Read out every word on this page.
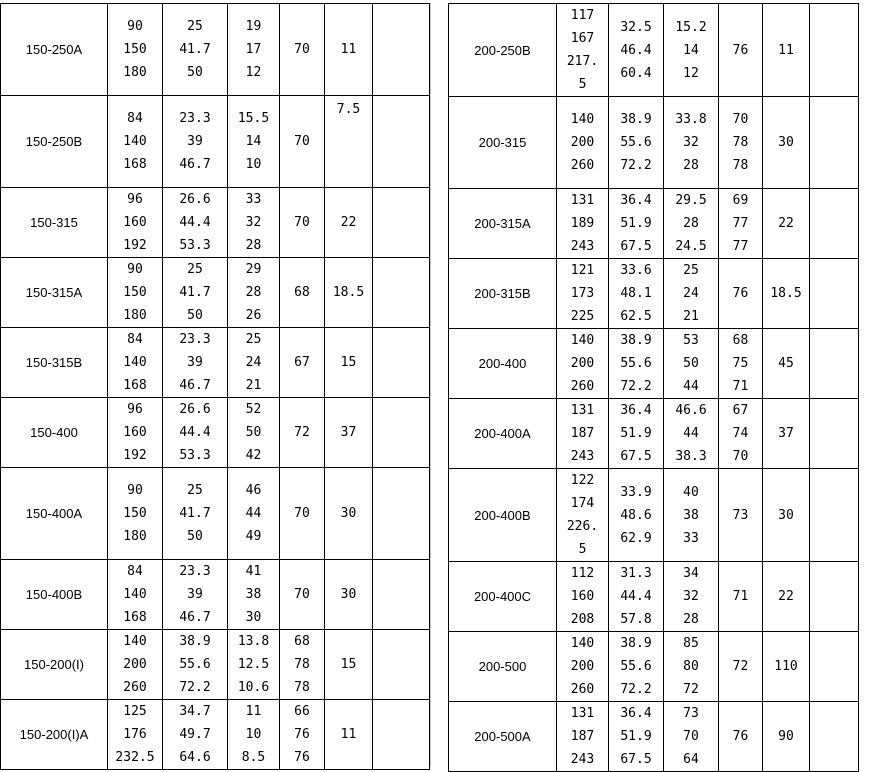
150-250A	90
150
180	25
41.7
50	19
17
12	70	11	

150-250B	84
140
168	23.3
39
46.7	15.5
14
10	70	7.5	

150-315	96
160
192	26.6
44.4
53.3	33
32
28	70	22	

150-315A	90
150
180	25
41.7
50	29
28
26	68	18.5	

150-315B	84
140
168	23.3
39
46.7	25
24
21	67	15	

150-400	96
160
192	26.6
44.4
53.3	52
50
42	72	37	

150-400A	90
150
180	25
41.7
50	46
44
49	70	30	

150-400B	84
140
168	23.3
39
46.7	41
38
30	70	30	

150-200(I)	140
200
260	38.9
55.6
72.2	13.8
12.5
10.6	68
78
78	15	

150-200(I)A	125
176
232.5	34.7
49.7
64.6	11
10
8.5	66
76
76	11	

200-250B	117
167
217.
5	32.5
46.4
60.4	15.2
14
12	76	11	

200-315	140
200
260	38.9
55.6
72.2	33.8
32
28	70
78
78	30	

200-315A	131
189
243	36.4
51.9
67.5	29.5
28
24.5	69
77
77	22	

200-315B	121
173
225	33.6
48.1
62.5	25
24
21	76	18.5	

200-400	140
200
260	38.9
55.6
72.2	53
50
44	68
75
71	45	

200-400A	131
187
243	36.4
51.9
67.5	46.6
44
38.3	67
74
70	37	

200-400B	122
174
226.
5	33.9
48.6
62.9	40
38
33	73	30	

200-400C	112
160
208	31.3
44.4
57.8	34
32
28	71	22	

200-500	140
200
260	38.9
55.6
72.2	85
80
72	72	110	

200-500A	131
187
243	36.4
51.9
67.5	73
70
64	76	90	
